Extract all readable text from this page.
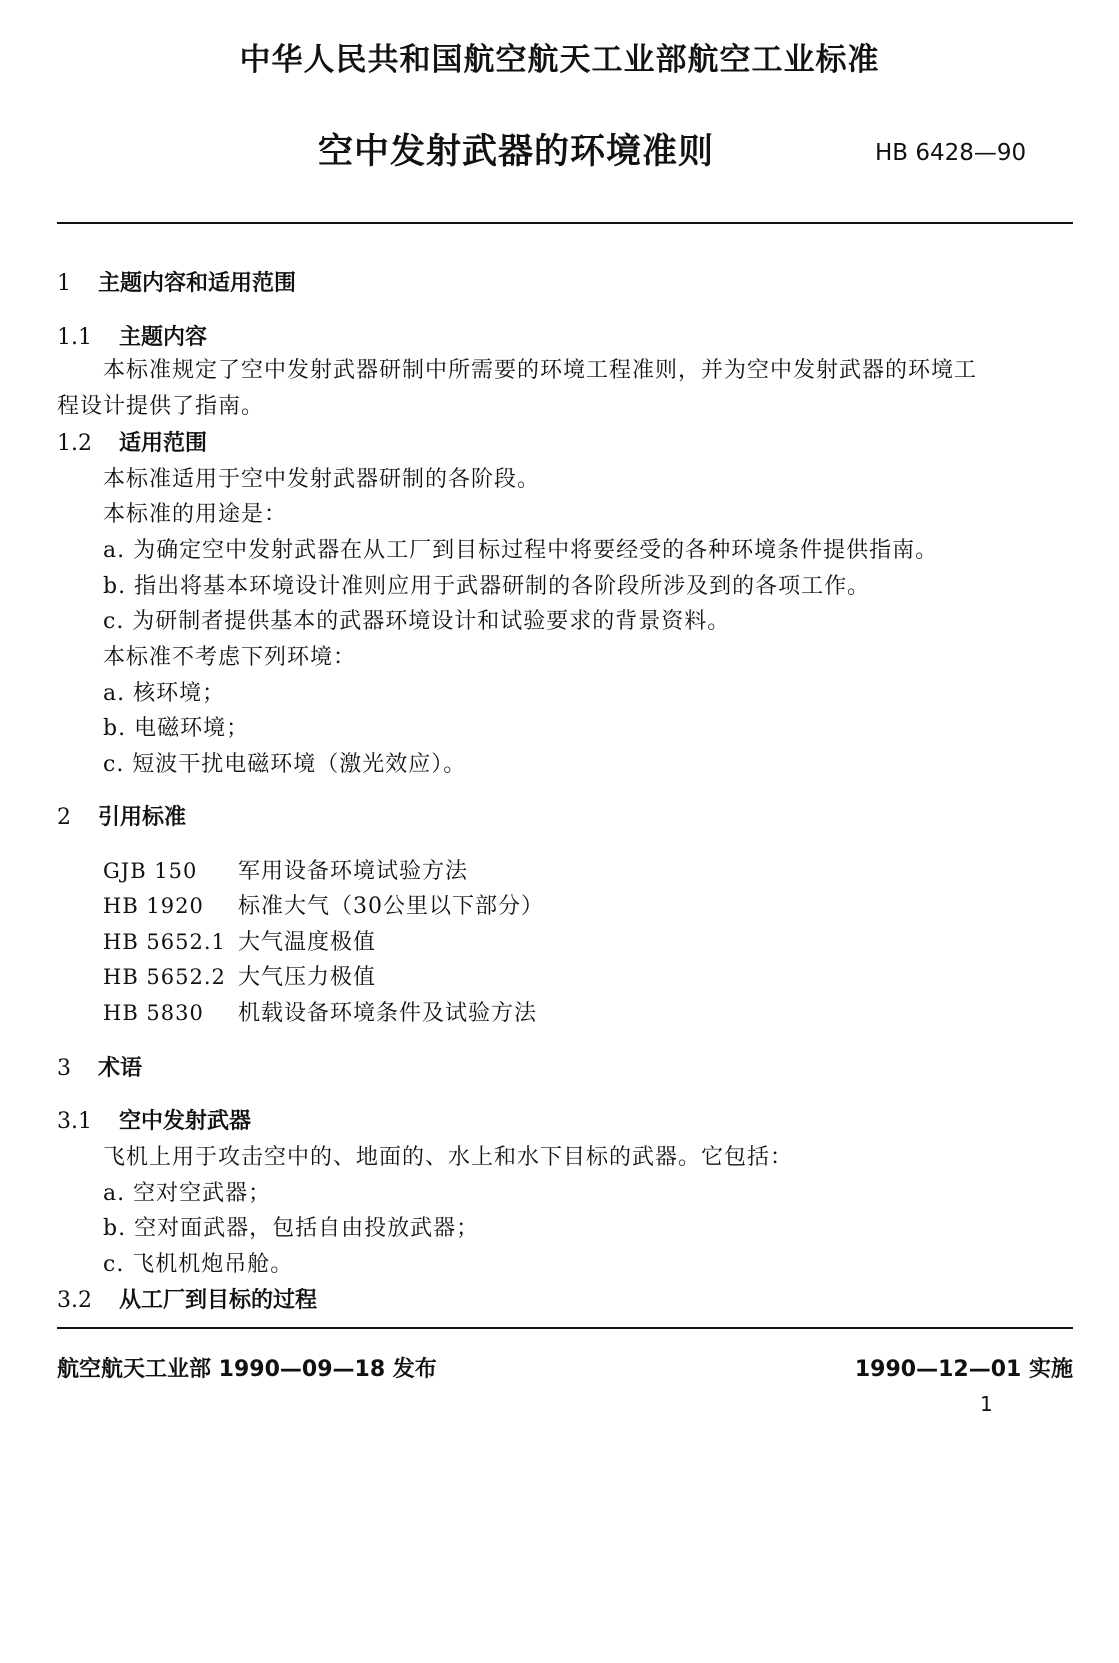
中华人民共和国航空航天工业部航空工业标准
空中发射武器的环境准则	HB 6428—90
1 主题内容和适用范围
1.1 主题内容
本标准规定了空中发射武器研制中所需要的环境工程准则，并为空中发射武器的环境工
程设计提供了指南。
1.2 适用范围
本标准适用于空中发射武器研制的各阶段。
本标准的用途是：
a. 为确定空中发射武器在从工厂到目标过程中将要经受的各种环境条件提供指南。
b. 指出将基本环境设计准则应用于武器研制的各阶段所涉及到的各项工作。
c. 为研制者提供基本的武器环境设计和试验要求的背景资料。
本标准不考虑下列环境：
a. 核环境；
b. 电磁环境；
c. 短波干扰电磁环境（激光效应）。
2 引用标准
GJB 150 军用设备环境试验方法
HB 1920 标准大气（30公里以下部分）
HB 5652.1 大气温度极值
HB 5652.2 大气压力极值
HB 5830 机载设备环境条件及试验方法
3 术语
3.1 空中发射武器
飞机上用于攻击空中的、地面的、水上和水下目标的武器。它包括：
a. 空对空武器；
b. 空对面武器，包括自由投放武器；
c. 飞机机炮吊舱。
3.2 从工厂到目标的过程
航空航天工业部 1990—09—18 发布	1990—12—01 实施
1
